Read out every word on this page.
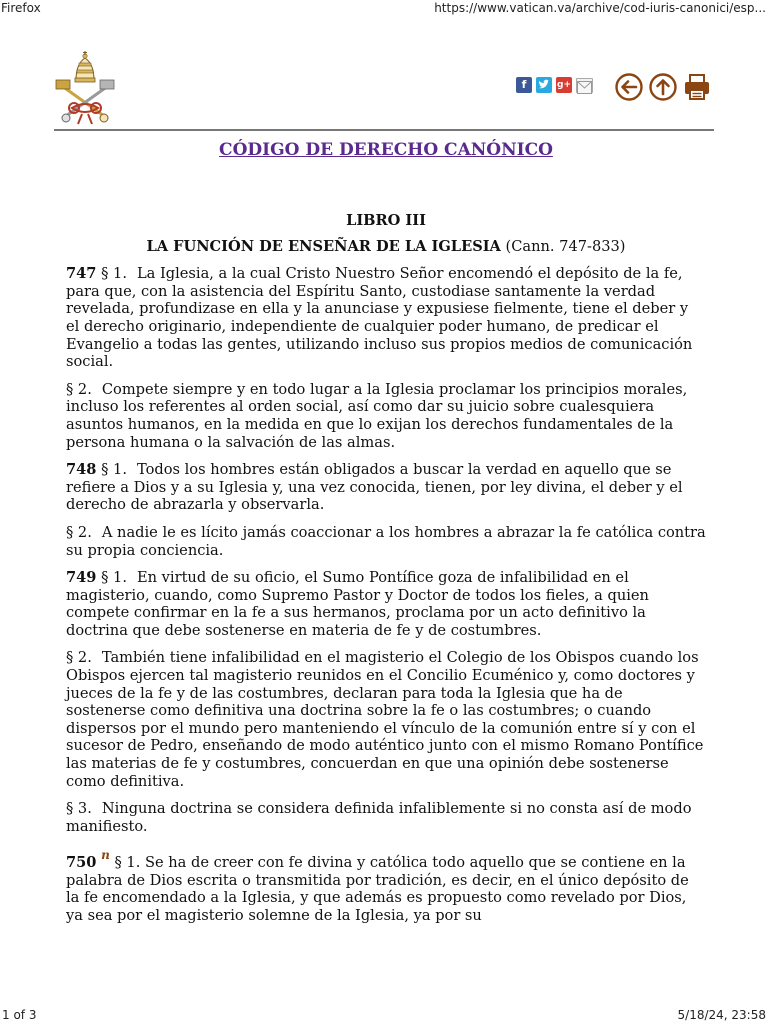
Firefox	https://www.vatican.va/archive/cod-iuris-canonici/esp...
f	g+
CÓDIGO DE DERECHO CANÓNICO
LIBRO III
LA FUNCIÓN DE ENSEÑAR DE LA IGLESIA (Cann. 747-833)

747 § 1. La Iglesia, a la cual Cristo Nuestro Señor encomendó el depósito de la fe, para que, con la asistencia del Espíritu Santo, custodiase santamente la verdad revelada, profundizase en ella y la anunciase y expusiese fielmente, tiene el deber y el derecho originario, independiente de cualquier poder humano, de predicar el Evangelio a todas las gentes, utilizando incluso sus propios medios de comunicación social.

§ 2. Compete siempre y en todo lugar a la Iglesia proclamar los principios morales, incluso los referentes al orden social, así como dar su juicio sobre cualesquiera asuntos humanos, en la medida en que lo exijan los derechos fundamentales de la persona humana o la salvación de las almas.

748 § 1. Todos los hombres están obligados a buscar la verdad en aquello que se refiere a Dios y a su Iglesia y, una vez conocida, tienen, por ley divina, el deber y el derecho de abrazarla y observarla.

§ 2. A nadie le es lícito jamás coaccionar a los hombres a abrazar la fe católica contra su propia conciencia.

749 § 1. En virtud de su oficio, el Sumo Pontífice goza de infalibilidad en el magisterio, cuando, como Supremo Pastor y Doctor de todos los fieles, a quien compete confirmar en la fe a sus hermanos, proclama por un acto definitivo la doctrina que debe sostenerse en materia de fe y de costumbres.

§ 2. También tiene infalibilidad en el magisterio el Colegio de los Obispos cuando los Obispos ejercen tal magisterio reunidos en el Concilio Ecuménico y, como doctores y jueces de la fe y de las costumbres, declaran para toda la Iglesia que ha de sostenerse como definitiva una doctrina sobre la fe o las costumbres; o cuando dispersos por el mundo pero manteniendo el vínculo de la comunión entre sí y con el sucesor de Pedro, enseñando de modo auténtico junto con el mismo Romano Pontífice las materias de fe y costumbres, concuerdan en que una opinión debe sostenerse como definitiva.

§ 3. Ninguna doctrina se considera definida infaliblemente si no consta así de modo manifiesto.

750 $^n$ § 1. Se ha de creer con fe divina y católica todo aquello que se contiene en la palabra de Dios escrita o transmitida por tradición, es decir, en el único depósito de la fe encomendado a la Iglesia, y que además es propuesto como revelado por Dios, ya sea por el magisterio solemne de la Iglesia, ya por su

1 of 3	5/18/24, 23:58
